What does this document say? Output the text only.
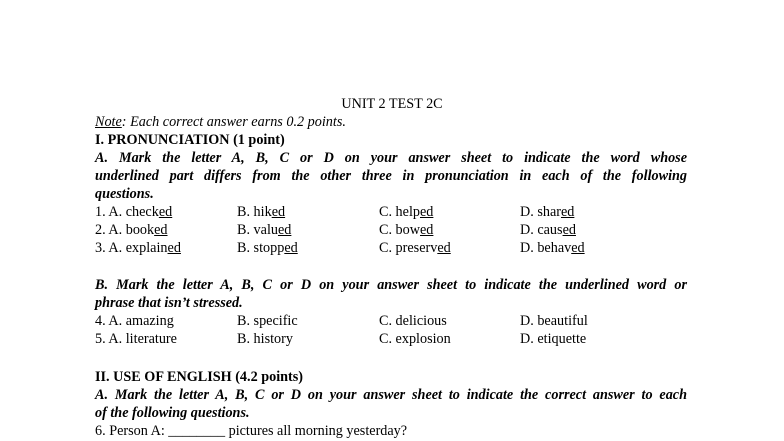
UNIT 2 TEST 2C
Note: Each correct answer earns 0.2 points.
I. PRONUNCIATION (1 point)
A. Mark the letter A, B, C or D on your answer sheet to indicate the word whose
underlined part differs from the other three in pronunciation in each of the following
questions.
1. A. checked	B. hiked	C. helped	D. shared
2. A. booked	B. valued	C. bowed	D. caused
3. A. explained	B. stopped	C. preserved	D. behaved
B. Mark the letter A, B, C or D on your answer sheet to indicate the underlined word or
phrase that isn’t stressed.
4. A. amazing	B. specific	C. delicious	D. beautiful
5. A. literature	B. history	C. explosion	D. etiquette
II. USE OF ENGLISH (4.2 points)
A. Mark the letter A, B, C or D on your answer sheet to indicate the correct answer to each
of the following questions.
6. Person A: ________ pictures all morning yesterday?
